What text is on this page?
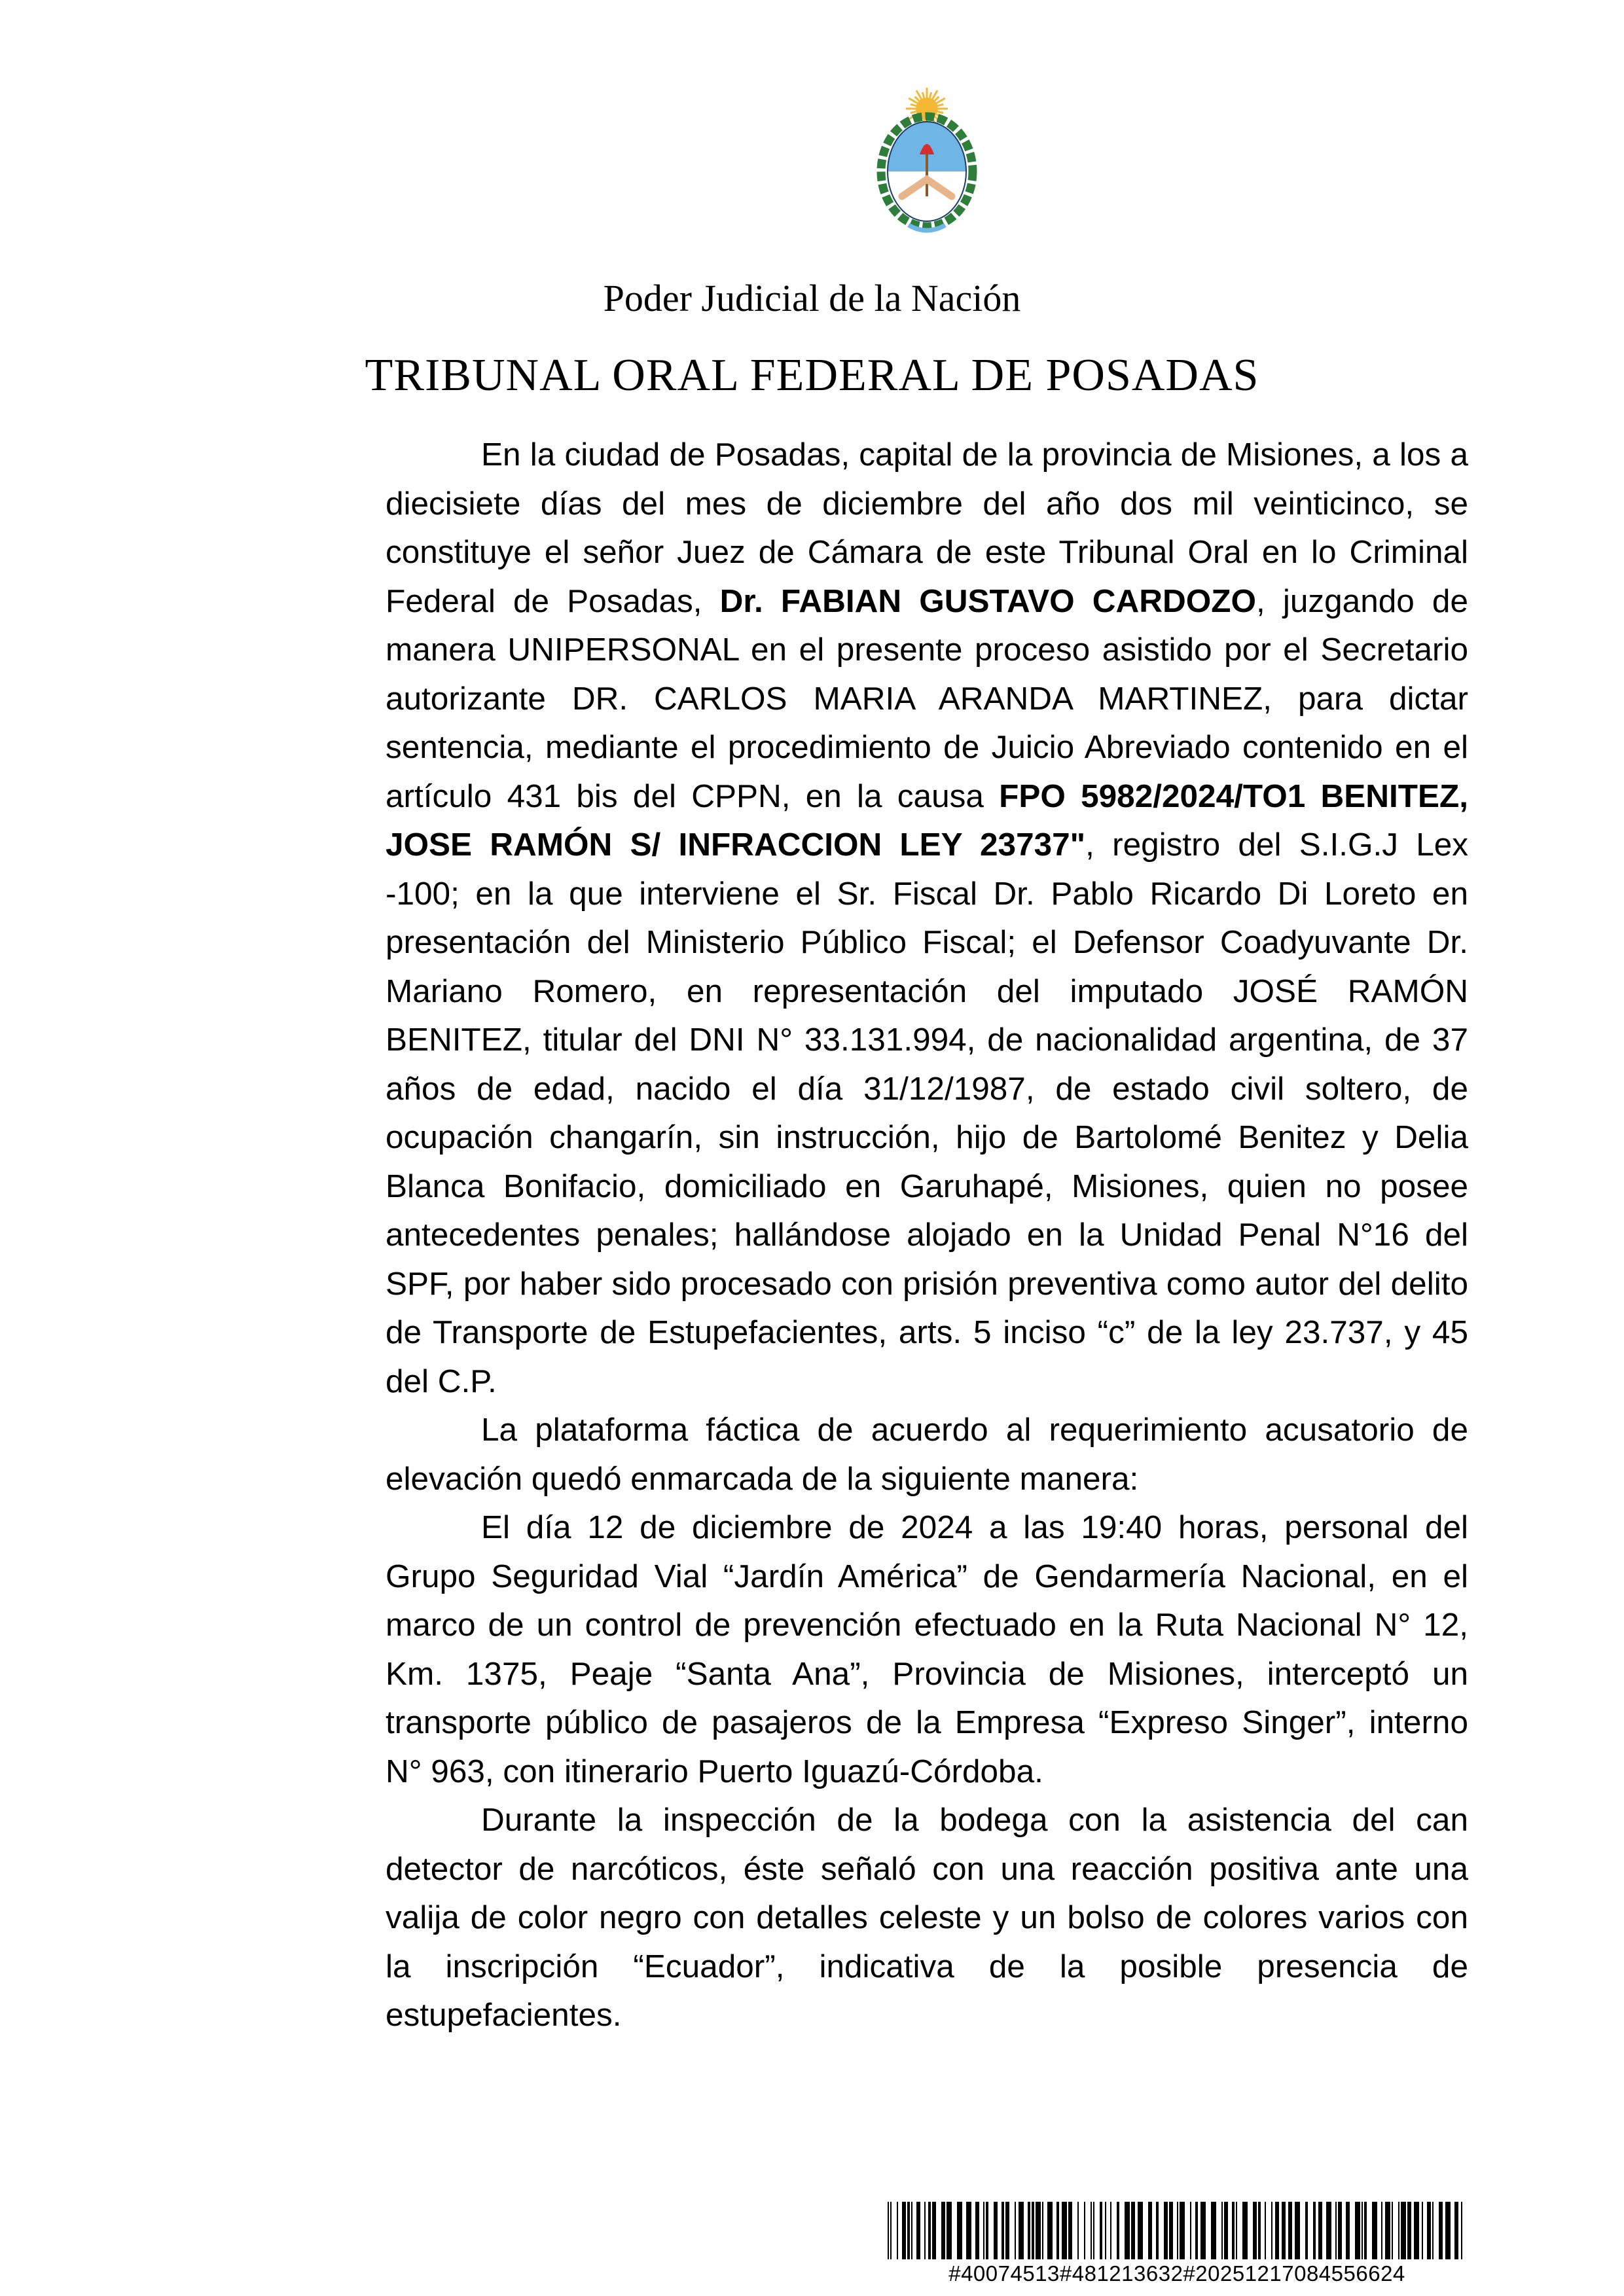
Poder Judicial de la Nación
TRIBUNAL ORAL FEDERAL DE POSADAS

En la ciudad de Posadas, capital de la provincia de Misiones, a los a diecisiete días del mes de diciembre del año dos mil veinticinco, se constituye el señor Juez de Cámara de este Tribunal Oral en lo Criminal Federal de Posadas, Dr. FABIAN GUSTAVO CARDOZO, juzgando de manera UNIPERSONAL en el presente proceso asistido por el Secretario autorizante DR. CARLOS MARIA ARANDA MARTINEZ, para dictar sentencia, mediante el procedimiento de Juicio Abreviado contenido en el artículo 431 bis del CPPN, en la causa FPO 5982/2024/TO1 BENITEZ, JOSE RAMÓN S/ INFRACCION LEY 23737", registro del S.I.G.J Lex -100; en la que interviene el Sr. Fiscal Dr. Pablo Ricardo Di Loreto en presentación del Ministerio Público Fiscal; el Defensor Coadyuvante Dr. Mariano Romero, en representación del imputado JOSÉ RAMÓN BENITEZ, titular del DNI N° 33.131.994, de nacionalidad argentina, de 37 años de edad, nacido el día 31/12/1987, de estado civil soltero, de ocupación changarín, sin instrucción, hijo de Bartolomé Benitez y Delia Blanca Bonifacio, domiciliado en Garuhapé, Misiones, quien no posee antecedentes penales; hallándose alojado en la Unidad Penal N°16 del SPF, por haber sido procesado con prisión preventiva como autor del delito de Transporte de Estupefacientes, arts. 5 inciso “c” de la ley 23.737, y 45 del C.P.

La plataforma fáctica de acuerdo al requerimiento acusatorio de elevación quedó enmarcada de la siguiente manera:

El día 12 de diciembre de 2024 a las 19:40 horas, personal del Grupo Seguridad Vial “Jardín América” de Gendarmería Nacional, en el marco de un control de prevención efectuado en la Ruta Nacional N° 12, Km. 1375, Peaje “Santa Ana”, Provincia de Misiones, interceptó un transporte público de pasajeros de la Empresa “Expreso Singer”, interno N° 963, con itinerario Puerto Iguazú-Córdoba.

Durante la inspección de la bodega con la asistencia del can detector de narcóticos, éste señaló con una reacción positiva ante una valija de color negro con detalles celeste y un bolso de colores varios con la inscripción “Ecuador”, indicativa de la posible presencia de estupefacientes.

#40074513#481213632#20251217084556624
